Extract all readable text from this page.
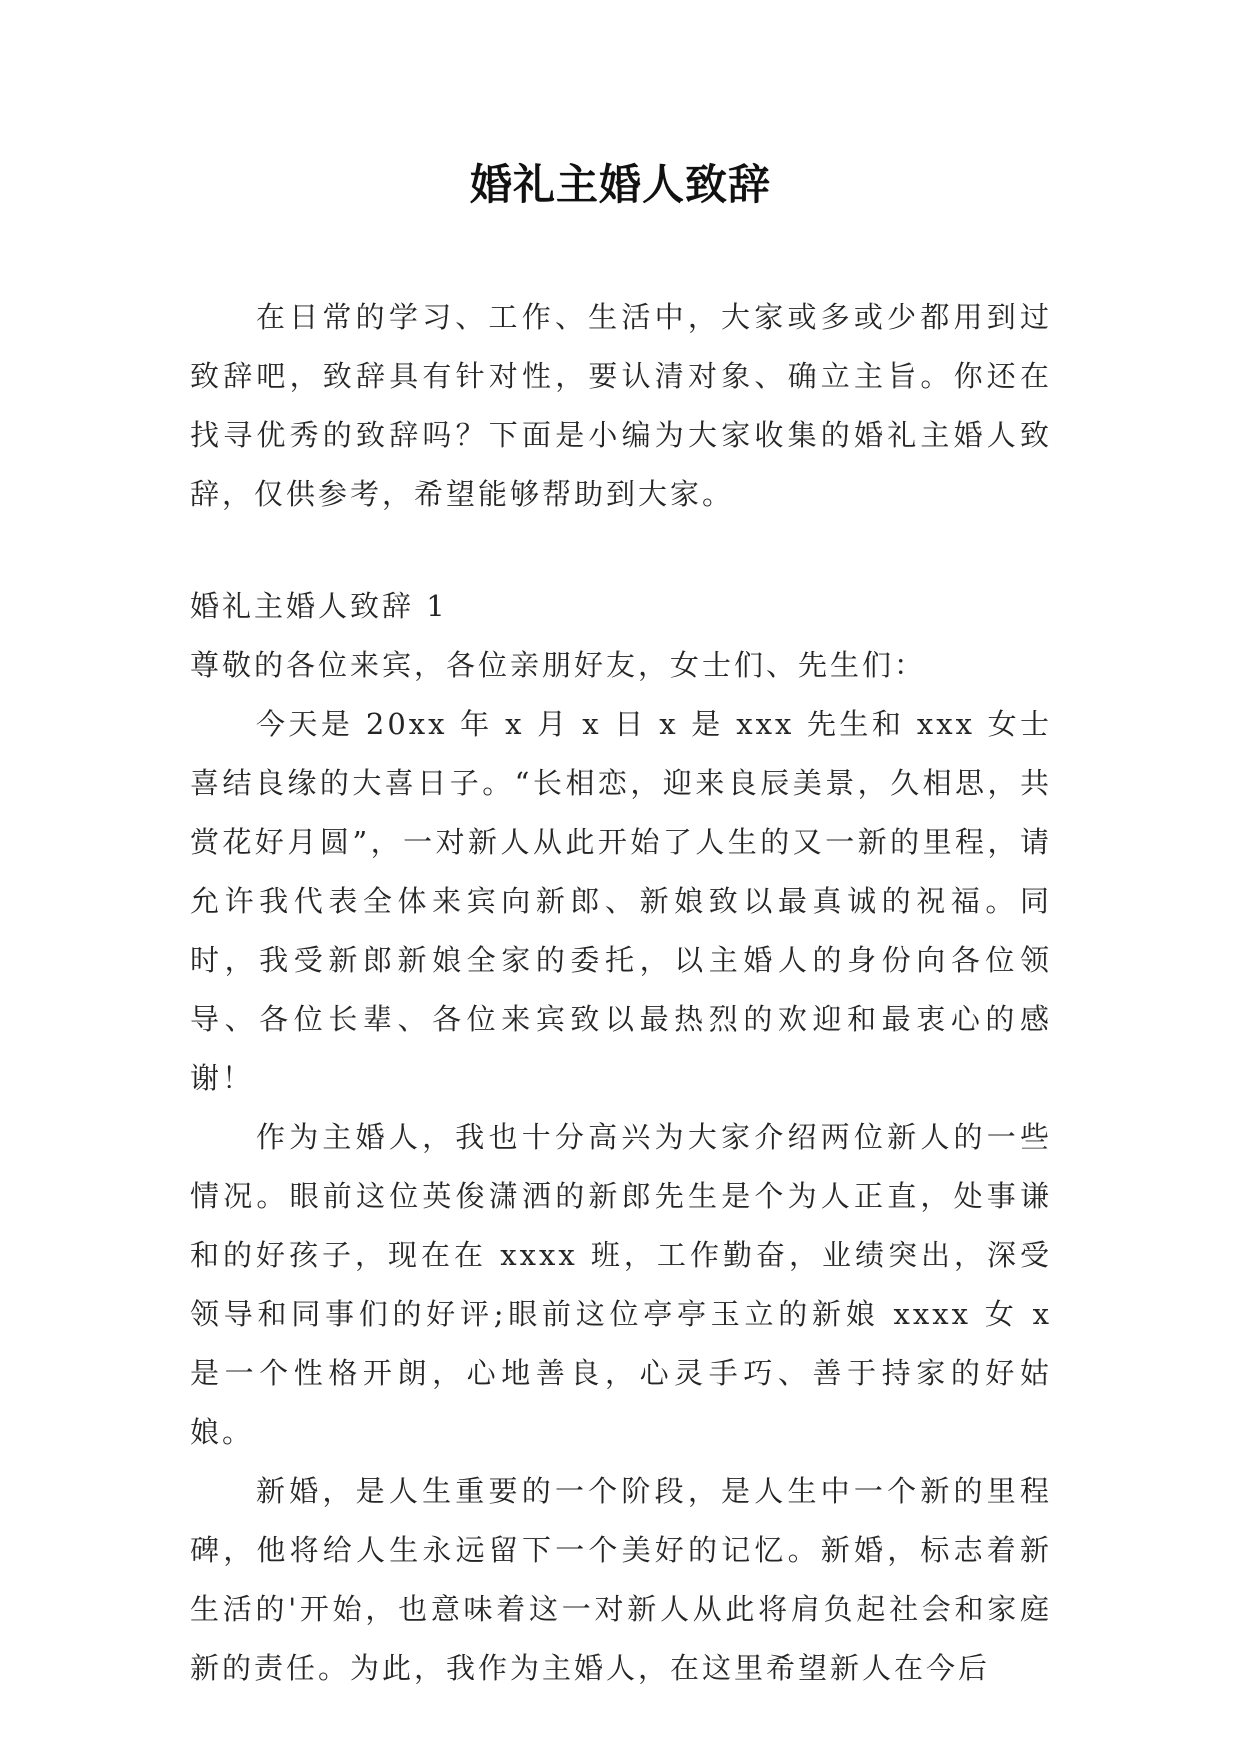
婚礼主婚人致辞

在日常的学习、工作、生活中，大家或多或少都用到过致辞吧，致辞具有针对性，要认清对象、确立主旨。你还在找寻优秀的致辞吗？下面是小编为大家收集的婚礼主婚人致辞，仅供参考，希望能够帮助到大家。

婚礼主婚人致辞 1

尊敬的各位来宾，各位亲朋好友，女士们、先生们：

今天是 20xx 年 x 月 x 日 x 是 xxx 先生和 xxx 女士喜结良缘的大喜日子。“长相恋，迎来良辰美景，久相思，共赏花好月圆”，一对新人从此开始了人生的又一新的里程，请允许我代表全体来宾向新郎、新娘致以最真诚的祝福。同时，我受新郎新娘全家的委托，以主婚人的身份向各位领导、各位长辈、各位来宾致以最热烈的欢迎和最衷心的感谢！

作为主婚人，我也十分高兴为大家介绍两位新人的一些情况。眼前这位英俊潇洒的新郎先生是个为人正直，处事谦和的好孩子，现在在 xxxx 班，工作勤奋，业绩突出，深受领导和同事们的好评;眼前这位亭亭玉立的新娘 xxxx 女 x 是一个性格开朗，心地善良，心灵手巧、善于持家的好姑娘。

新婚，是人生重要的一个阶段，是人生中一个新的里程碑，他将给人生永远留下一个美好的记忆。新婚，标志着新生活的'开始，也意味着这一对新人从此将肩负起社会和家庭新的责任。为此，我作为主婚人，在这里希望新人在今后
